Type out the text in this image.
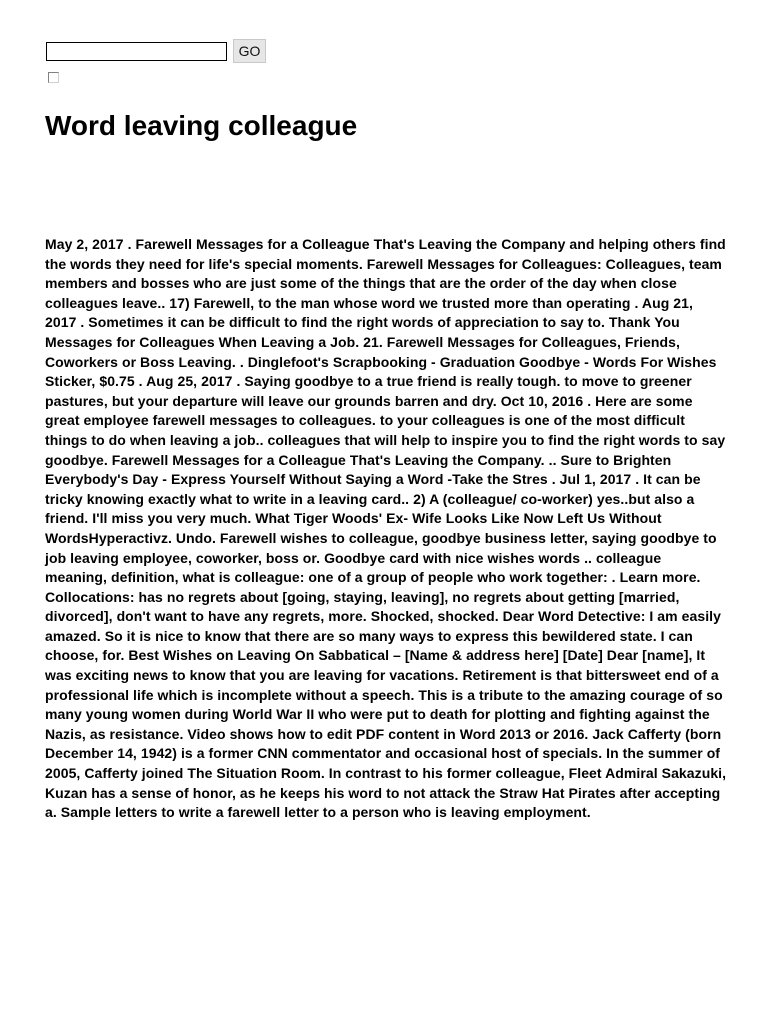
GO
Word leaving colleague

May 2, 2017 . Farewell Messages for a Colleague That's Leaving the Company and helping others find the words they need for life's special moments. Farewell Messages for Colleagues: Colleagues, team members and bosses who are just some of the things that are the order of the day when close colleagues leave.. 17) Farewell, to the man whose word we trusted more than operating . Aug 21, 2017 . Sometimes it can be difficult to find the right words of appreciation to say to. Thank You Messages for Colleagues When Leaving a Job. 21. Farewell Messages for Colleagues, Friends, Coworkers or Boss Leaving. . Dinglefoot's Scrapbooking - Graduation Goodbye - Words For Wishes Sticker, $0.75 . Aug 25, 2017 . Saying goodbye to a true friend is really tough. to move to greener pastures, but your departure will leave our grounds barren and dry. Oct 10, 2016 . Here are some great employee farewell messages to colleagues. to your colleagues is one of the most difficult things to do when leaving a job.. colleagues that will help to inspire you to find the right words to say goodbye. Farewell Messages for a Colleague That's Leaving the Company. .. Sure to Brighten Everybody's Day - Express Yourself Without Saying a Word -Take the Stres . Jul 1, 2017 . It can be tricky knowing exactly what to write in a leaving card.. 2) A (colleague/ co-worker) yes..but also a friend. I'll miss you very much. What Tiger Woods' Ex- Wife Looks Like Now Left Us Without WordsHyperactivz. Undo. Farewell wishes to colleague, goodbye business letter, saying goodbye to job leaving employee, coworker, boss or. Goodbye card with nice wishes words .. colleague meaning, definition, what is colleague: one of a group of people who work together: . Learn more. Collocations: has no regrets about [going, staying, leaving], no regrets about getting [married, divorced], don't want to have any regrets, more. Shocked, shocked. Dear Word Detective: I am easily amazed. So it is nice to know that there are so many ways to express this bewildered state. I can choose, for. Best Wishes on Leaving On Sabbatical – [Name & address here] [Date] Dear [name], It was exciting news to know that you are leaving for vacations. Retirement is that bittersweet end of a professional life which is incomplete without a speech. This is a tribute to the amazing courage of so many young women during World War II who were put to death for plotting and fighting against the Nazis, as resistance. Video shows how to edit PDF content in Word 2013 or 2016. Jack Cafferty (born December 14, 1942) is a former CNN commentator and occasional host of specials. In the summer of 2005, Cafferty joined The Situation Room. In contrast to his former colleague, Fleet Admiral Sakazuki, Kuzan has a sense of honor, as he keeps his word to not attack the Straw Hat Pirates after accepting a. Sample letters to write a farewell letter to a person who is leaving employment.
